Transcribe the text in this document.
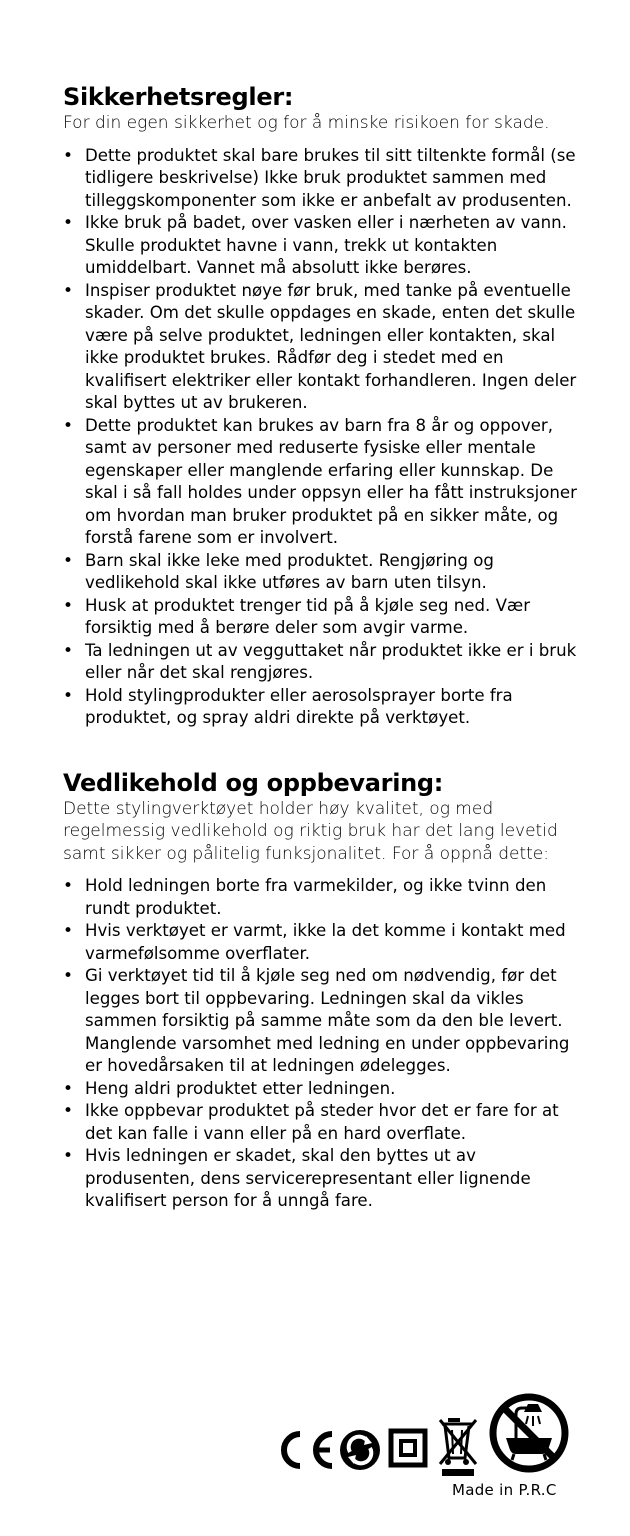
Sikkerhetsregler:

For din egen sikkerhet og for å minske risikoen for skade.

• Dette produktet skal bare brukes til sitt tiltenkte formål (se tidligere beskrivelse) Ikke bruk produktet sammen med tilleggskomponenter som ikke er anbefalt av produsenten.
• Ikke bruk på badet, over vasken eller i nærheten av vann. Skulle produktet havne i vann, trekk ut kontakten umiddelbart. Vannet må absolutt ikke berøres.
• Inspiser produktet nøye før bruk, med tanke på eventuelle skader. Om det skulle oppdages en skade, enten det skulle være på selve produktet, ledningen eller kontakten, skal ikke produktet brukes. Rådfør deg i stedet med en kvalifisert elektriker eller kontakt forhandleren. Ingen deler skal byttes ut av brukeren.
• Dette produktet kan brukes av barn fra 8 år og oppover, samt av personer med reduserte fysiske eller mentale egenskaper eller manglende erfaring eller kunnskap. De skal i så fall holdes under oppsyn eller ha fått instruksjoner om hvordan man bruker produktet på en sikker måte, og forstå farene som er involvert.
• Barn skal ikke leke med produktet. Rengjøring og vedlikehold skal ikke utføres av barn uten tilsyn.
• Husk at produktet trenger tid på å kjøle seg ned. Vær forsiktig med å berøre deler som avgir varme.
• Ta ledningen ut av vegguttaket når produktet ikke er i bruk eller når det skal rengjøres.
• Hold stylingprodukter eller aerosolsprayer borte fra produktet, og spray aldri direkte på verktøyet.
Vedlikehold og oppbevaring:

Dette stylingverktøyet holder høy kvalitet, og med regelmessig vedlikehold og riktig bruk har det lang levetid samt sikker og pålitelig funksjonalitet. For å oppnå dette:

• Hold ledningen borte fra varmekilder, og ikke tvinn den rundt produktet.
• Hvis verktøyet er varmt, ikke la det komme i kontakt med varmefølsomme overflater.
• Gi verktøyet tid til å kjøle seg ned om nødvendig, før det legges bort til oppbevaring. Ledningen skal da vikles sammen forsiktig på samme måte som da den ble levert. Manglende varsomhet med ledning en under oppbevaring er hovedårsaken til at ledningen ødelegges.
• Heng aldri produktet etter ledningen.
• Ikke oppbevar produktet på steder hvor det er fare for at det kan falle i vann eller på en hard overflate.
• Hvis ledningen er skadet, skal den byttes ut av produsenten, dens servicerepresentant eller lignende kvalifisert person for å unngå fare.
Made in P.R.C
